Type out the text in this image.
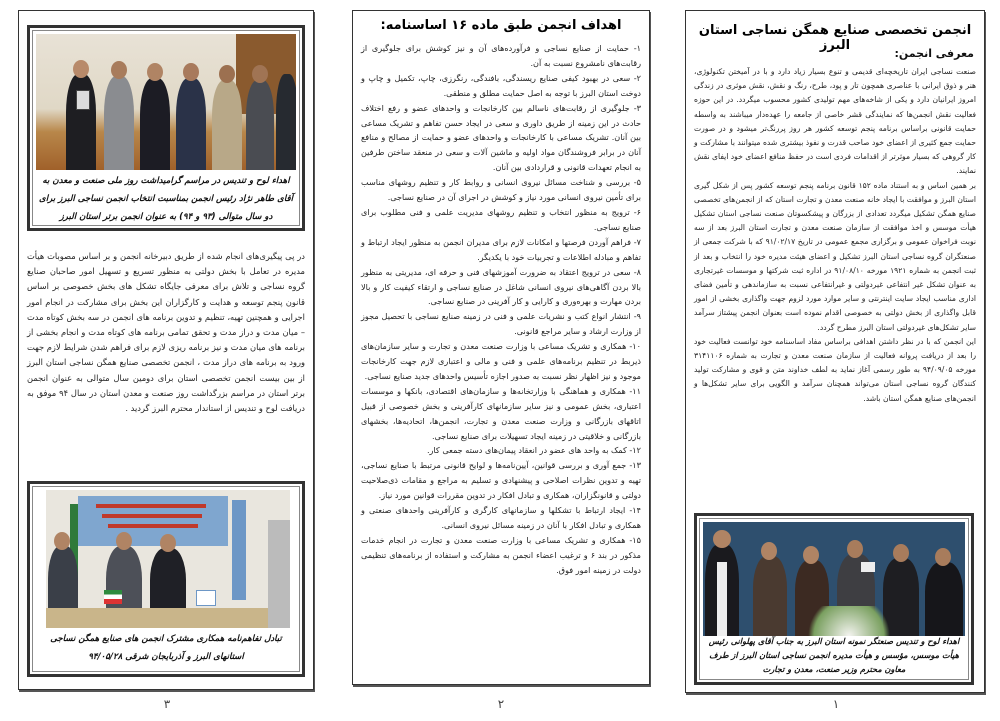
اهداء لوح و تندیس در مراسم گرامیداشت روز ملی صنعت و معدن به آقای طاهر نژاد رئیس انجمن بمناسبت انتخاب انجمن نساجی البرز برای دو سال متوالی (۹۳ و ۹۴) به عنوان انجمن برتر استان البرز
در پی پیگیری‌های انجام شده از طریق دبیرخانه انجمن و بر اساس مصوبات هیأت مدیره در تعامل با بخش دولتی به منظور تسریع و تسهیل امور صاحبان صنایع گروه نساجی و تلاش برای معرفی جایگاه تشکل های بخش خصوصی بر اساس قانون پنجم توسعه و هدایت و کارگزاران این بخش برای مشارکت در انجام امور اجرایی و همچنین تهیه، تنظیم و تدوین برنامه های انجمن در سه بخش کوتاه مدت – میان مدت و دراز مدت و تحقق تمامی برنامه های کوتاه مدت و انجام بخشی از برنامه های میان مدت و نیز برنامه ریزی لازم برای فراهم شدن شرایط لازم جهت ورود به برنامه های دراز مدت ، انجمن تخصصی صنایع همگن نساجی استان البرز از بین بیست انجمن تخصصی استان برای دومین سال متوالی به عنوان انجمن برتر استان در مراسم بزرگداشت روز صنعت و معدن استان در سال ۹۴ موفق به دریافت لوح و تندیس از استاندار محترم البرز گردید .
تبادل تفاهم‌نامه همکاری مشترک انجمن های صنایع همگن نساجی استانهای البرز و آذربایجان شرقی ۹۴/۰۵/۲۸
۳
اهداف انجمن طبق ماده ۱۶ اساسنامه:
۱- حمایت از صنایع نساجی و فرآورده‌های آن و نیز کوشش برای جلوگیری از رقابت‌های نامشروع نسبت به آن.
۲- سعی در بهبود کیفی صنایع ریسندگی، بافندگی، رنگرزی، چاپ، تکمیل و چاپ و دوخت استان البرز با توجه به اصل حمایت مطلق و منطقی.
۳- جلوگیری از رقابت‌های ناسالم بین کارخانجات و واحدهای عضو و رفع اختلاف حادث در این زمینه از طریق داوری و سعی در ایجاد حسن تفاهم و تشریک مساعی بین آنان. تشریک مساعی با کارخانجات و واحدهای عضو و حمایت از مصالح و منافع آنان در برابر فروشندگان مواد اولیه و ماشین آلات و سعی در منعقد ساختن طرفین به انجام تعهدات قانونی و قراردادی بین آنان.
۵- بررسی و شناخت مسائل نیروی انسانی و روابط کار و تنظیم روشهای مناسب برای تأمین نیروی انسانی مورد نیاز و کوشش در اجرای آن در صنایع نساجی.
۶- ترویج به منظور انتخاب و تنظیم روشهای مدیریت علمی و فنی مطلوب برای صنایع نساجی.
۷- فراهم آوردن فرصتها و امکانات لازم برای مدیران انجمن به منظور ایجاد ارتباط و تفاهم و مبادله اطلاعات و تجربیات خود با یکدیگر.
۸- سعی در ترویج اعتقاد به ضرورت آموزشهای فنی و حرفه ای، مدیریتی به منظور بالا بردن آگاهی‌های نیروی انسانی شاغل در صنایع نساجی و ارتقاء کیفیت کار و بالا بردن مهارت و بهره‌وری و کارایی و کار آفرینی در صنایع نساجی.
۹- انتشار انواع کتب و نشریات علمی و فنی در زمینه صنایع نساجی با تحصیل مجوز از وزارت ارشاد و سایر مراجع قانونی.
۱۰- همکاری و تشریک مساعی با وزارت صنعت معدن و تجارت و سایر سازمان‌های ذیربط در تنظیم برنامه‌های علمی و فنی و مالی و اعتباری لازم جهت کارخانجات موجود و نیز اظهار نظر نسبت به صدور اجازه تأسیس واحدهای جدید صنایع نساجی.
۱۱- همکاری و هماهنگی با وزارتخانه‌ها و سازمان‌های اقتصادی، بانکها و موسسات اعتباری، بخش عمومی و نیز سایر سازمانهای کارآفرینی و بخش خصوصی از قبیل اتاقهای بازرگانی و وزارت صنعت معدن و تجارت، انجمن‌ها، اتحادیه‌ها، بخشهای بازرگانی و خلاقیتی در زمینه ایجاد تسهیلات برای صنایع نساجی.
۱۲- کمک به واحد های عضو در انعقاد پیمان‌های دسته جمعی کار.
۱۳- جمع آوری و بررسی قوانین، آیین‌نامه‌ها و لوایح قانونی مرتبط با صنایع نساجی، تهیه و تدوین نظرات اصلاحی و پیشنهادی و تسلیم به مراجع و مقامات ذی‌صلاحیت دولتی و قانونگزاران، همکاری و تبادل افکار در تدوین مقررات قوانین مورد نیاز.
۱۴- ایجاد ارتباط با تشکلها و سازمانهای کارگری و کارآفرینی واحدهای صنعتی و همکاری و تبادل افکار با آنان در زمینه مسائل نیروی انسانی.
۱۵- همکاری و تشریک مساعی با وزارت صنعت معدن و تجارت در انجام خدمات مذکور در بند ۶ و ترغیب اعضاء انجمن به مشارکت و استفاده از برنامه‌های تنظیمی دولت در زمینه امور فوق.
۲
انجمن تخصصی صنایع همگن نساجی استان البرز
معرفی انجمن:
صنعت نساجی ایران تاریخچه‌ای قدیمی و تنوع بسیار زیاد دارد و با در آمیختن تکنولوژی، هنر و ذوق ایرانی با عناصری همچون تار و پود، طرح، رنگ و نقش، نقش موثری در زندگی امروز ایرانیان دارد و یکی از شاخه‌های مهم تولیدی کشور محسوب میگردد. در این حوزه فعالیت نقش انجمن‌ها که نمایندگی قشر خاصی از جامعه را عهده‌دار میباشند به واسطه حمایت قانونی براساس برنامه پنجم توسعه کشور هر روز پررنگ‌تر میشود و در صورت حمایت جمع کثیری از اعضای خود صاحب قدرت و نفوذ بیشتری شده میتوانند با مشارکت و کار گروهی که بسیار موثرتر از اقدامات فردی است در حفظ منافع اعضای خود ایفای نقش نمایند.
بر همین اساس و به استناد ماده ۱۵۲ قانون برنامه پنجم توسعه کشور پس از شکل گیری استان البرز و موافقت با ایجاد خانه صنعت معدن و تجارت استان که از انجمن‌های تخصصی صنایع همگن تشکیل میگردد تعدادی از بزرگان و پیشکسوتان صنعت نساجی استان تشکیل هیأت موسس و اخذ موافقت از سازمان صنعت معدن و تجارت استان البرز بعد از سه نوبت فراخوان عمومی و برگزاری مجمع عمومی در تاریخ ۹۱/۰۲/۱۷ که با شرکت جمعی از صنعتگران گروه نساجی استان البرز تشکیل و اعضای هیئت مدیره خود را انتخاب و بعد از ثبت انجمن به شماره ۱۹۲۱ مورخه ۹۱/۰۸/۱۰ در اداره ثبت شرکتها و موسسات غیرتجاری به عنوان تشکل غیر انتفاعی غیردولتی و غیرانتفاعی نسبت به سازماندهی و تأمین فضای اداری مناسب ایجاد سایت اینترنتی و سایر موارد مورد لزوم جهت واگذاری بخشی از امور قابل واگذاری از بخش دولتی به خصوصی اقدام نموده است بعنوان انجمن پیشتاز سرآمد سایر تشکل‌های غیردولتی استان البرز مطرح گردد.
این انجمن که با در نظر داشتن اهدافی براساس مفاد اساسنامه خود توانست فعالیت خود را بعد از دریافت پروانه فعالیت از سازمان صنعت معدن و تجارت به شماره ۳۱۴۱۱۰۶ مورخه ۹۴/۰۹/۰۵ به طور رسمی آغاز نماید به لطف خداوند متن و قوی و مشارکت تولید کنندگان گروه نساجی استان می‌تواند همچنان سرآمد و الگویی برای سایر تشکل‌ها و انجمن‌های صنایع همگن استان باشد.
اهداء لوح و تندیس صنعتگر نمونه استان البرز به جناب آقای پهلوانی رئیس هیأت موسس، مؤسس و هیأت مدیره انجمن نساجی استان البرز از طرف معاون محترم وزیر صنعت، معدن و تجارت
۱
